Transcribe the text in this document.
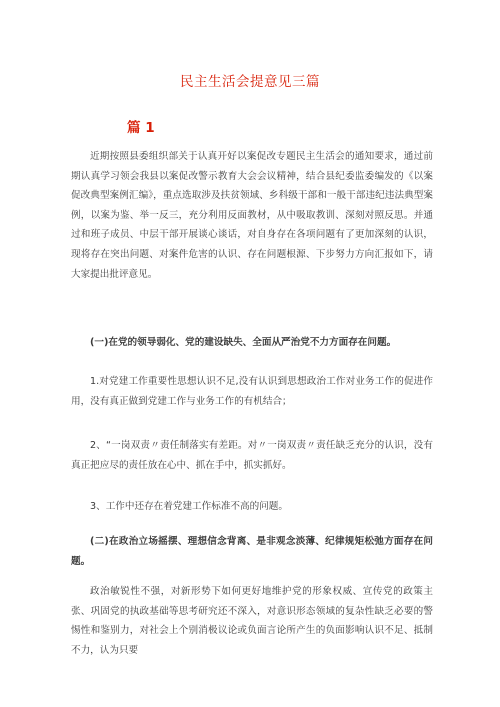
民主生活会提意见三篇
篇 1

近期按照县委组织部关于认真开好以案促改专题民主生活会的通知要求，通过前期认真学习领会我县以案促改警示教育大会会议精神，结合县纪委监委编发的《以案促改典型案例汇编》，重点选取涉及扶贫领域、乡科级干部和一般干部违纪违法典型案例，以案为鉴、举一反三，充分利用反面教材，从中吸取教训、深刻对照反思。并通过和班子成员、中层干部开展谈心谈话，对自身存在各项问题有了更加深刻的认识，现将存在突出问题、对案件危害的认识、存在问题根源、下步努力方向汇报如下，请大家提出批评意见。

(一)在党的领导弱化、党的建设缺失、全面从严治党不力方面存在问题。

1.对党建工作重要性思想认识不足,没有认识到思想政治工作对业务工作的促进作用，没有真正做到党建工作与业务工作的有机结合；

2、“一岗双责〃责任制落实有差距。对〃一岗双责〃责任缺乏充分的认识，没有真正把应尽的责任放在心中、抓在手中，抓实抓好。

3、工作中还存在着党建工作标准不高的问题。

(二)在政治立场摇摆、理想信念背离、是非观念淡薄、纪律规矩松弛方面存在问题。

政治敏锐性不强，对新形势下如何更好地维护党的形象权威、宣传党的政策主张、巩固党的执政基础等思考研究还不深入，对意识形态领域的复杂性缺乏必要的警惕性和鉴别力，对社会上个别消极议论或负面言论所产生的负面影响认识不足、抵制不力，认为只要
